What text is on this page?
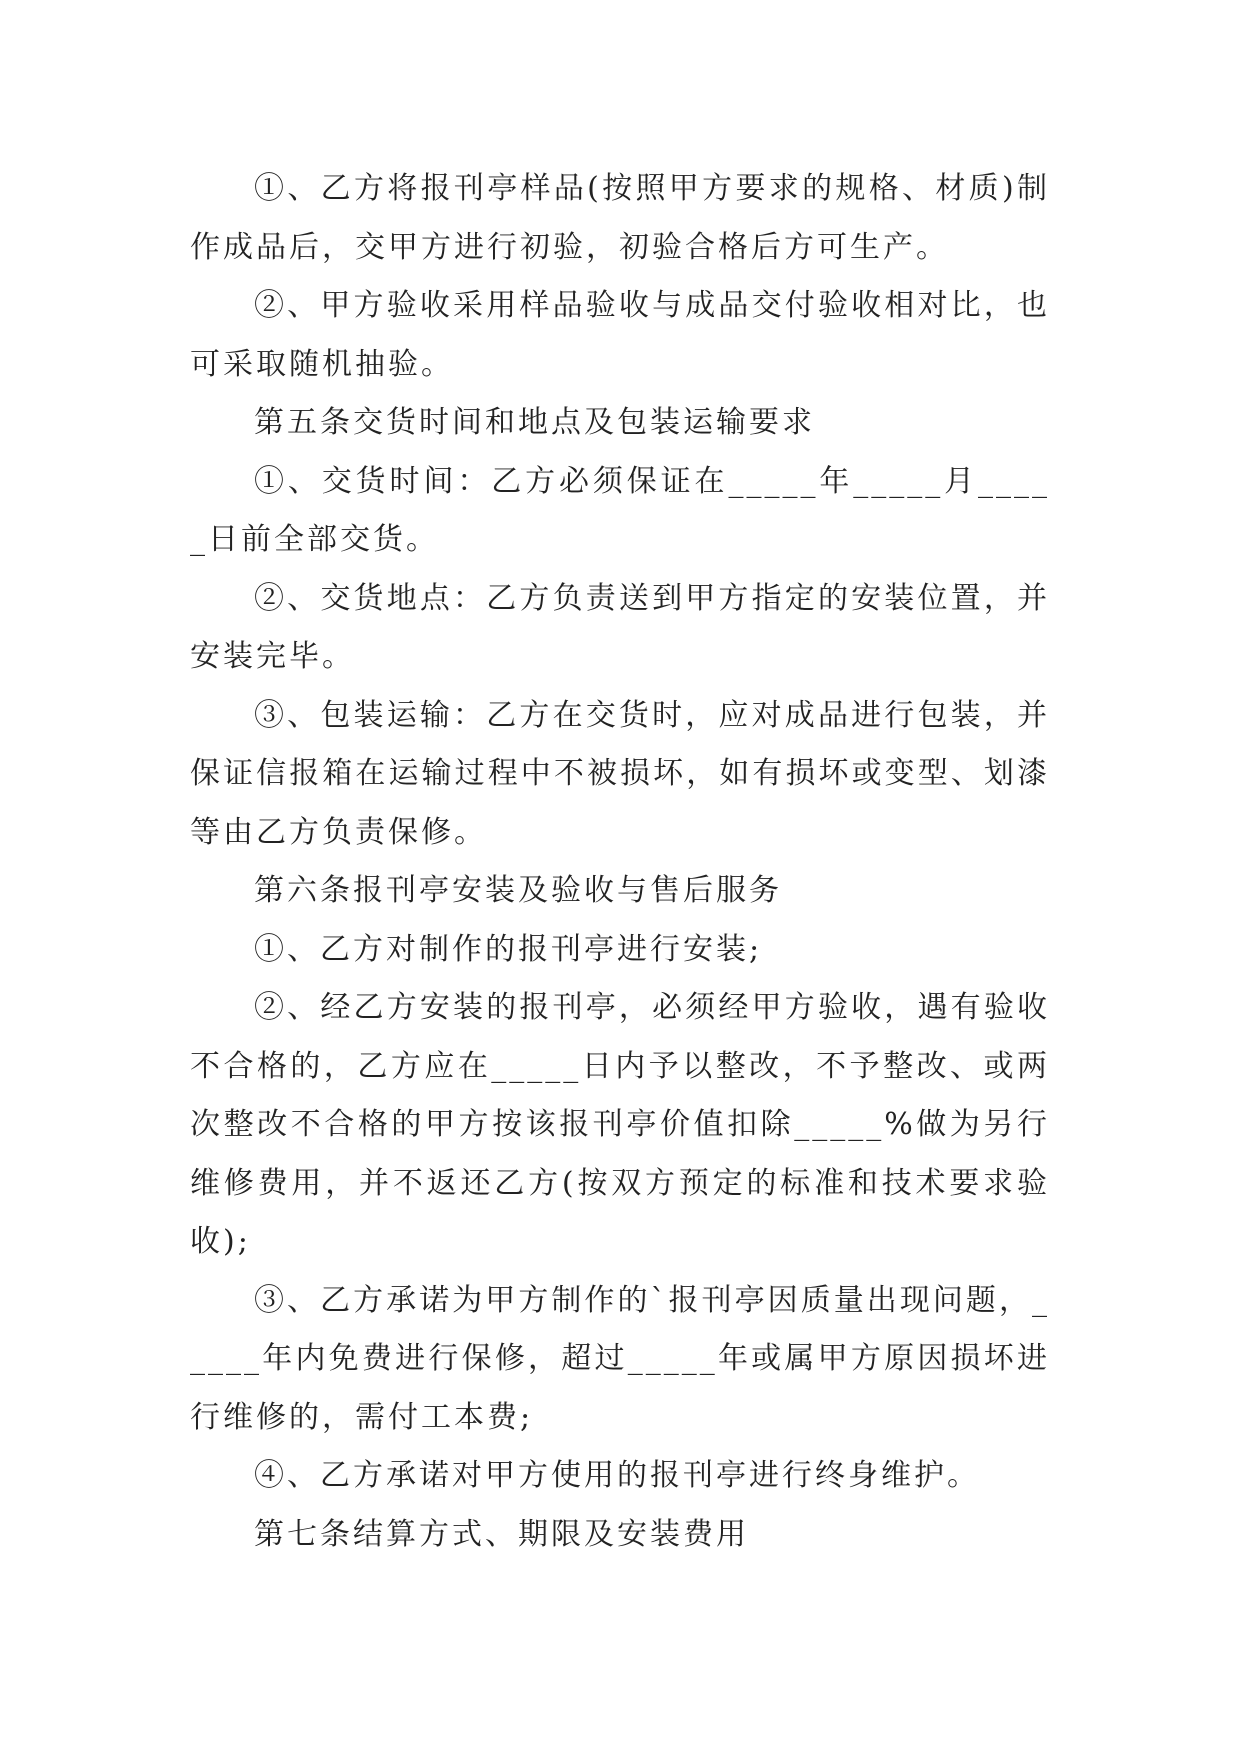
①、乙方将报刊亭样品(按照甲方要求的规格、材质)制作成品后，交甲方进行初验，初验合格后方可生产。

②、甲方验收采用样品验收与成品交付验收相对比，也可采取随机抽验。

第五条交货时间和地点及包装运输要求

①、交货时间：乙方必须保证在_____年_____月_____日前全部交货。

②、交货地点：乙方负责送到甲方指定的安装位置，并安装完毕。

③、包装运输：乙方在交货时，应对成品进行包装，并保证信报箱在运输过程中不被损坏，如有损坏或变型、划漆等由乙方负责保修。

第六条报刊亭安装及验收与售后服务

①、乙方对制作的报刊亭进行安装;

②、经乙方安装的报刊亭，必须经甲方验收，遇有验收不合格的，乙方应在_____日内予以整改，不予整改、或两次整改不合格的甲方按该报刊亭价值扣除_____%做为另行维修费用，并不返还乙方(按双方预定的标准和技术要求验收);

③、乙方承诺为甲方制作的`报刊亭因质量出现问题，_____年内免费进行保修，超过_____年或属甲方原因损坏进行维修的，需付工本费;

④、乙方承诺对甲方使用的报刊亭进行终身维护。

第七条结算方式、期限及安装费用
